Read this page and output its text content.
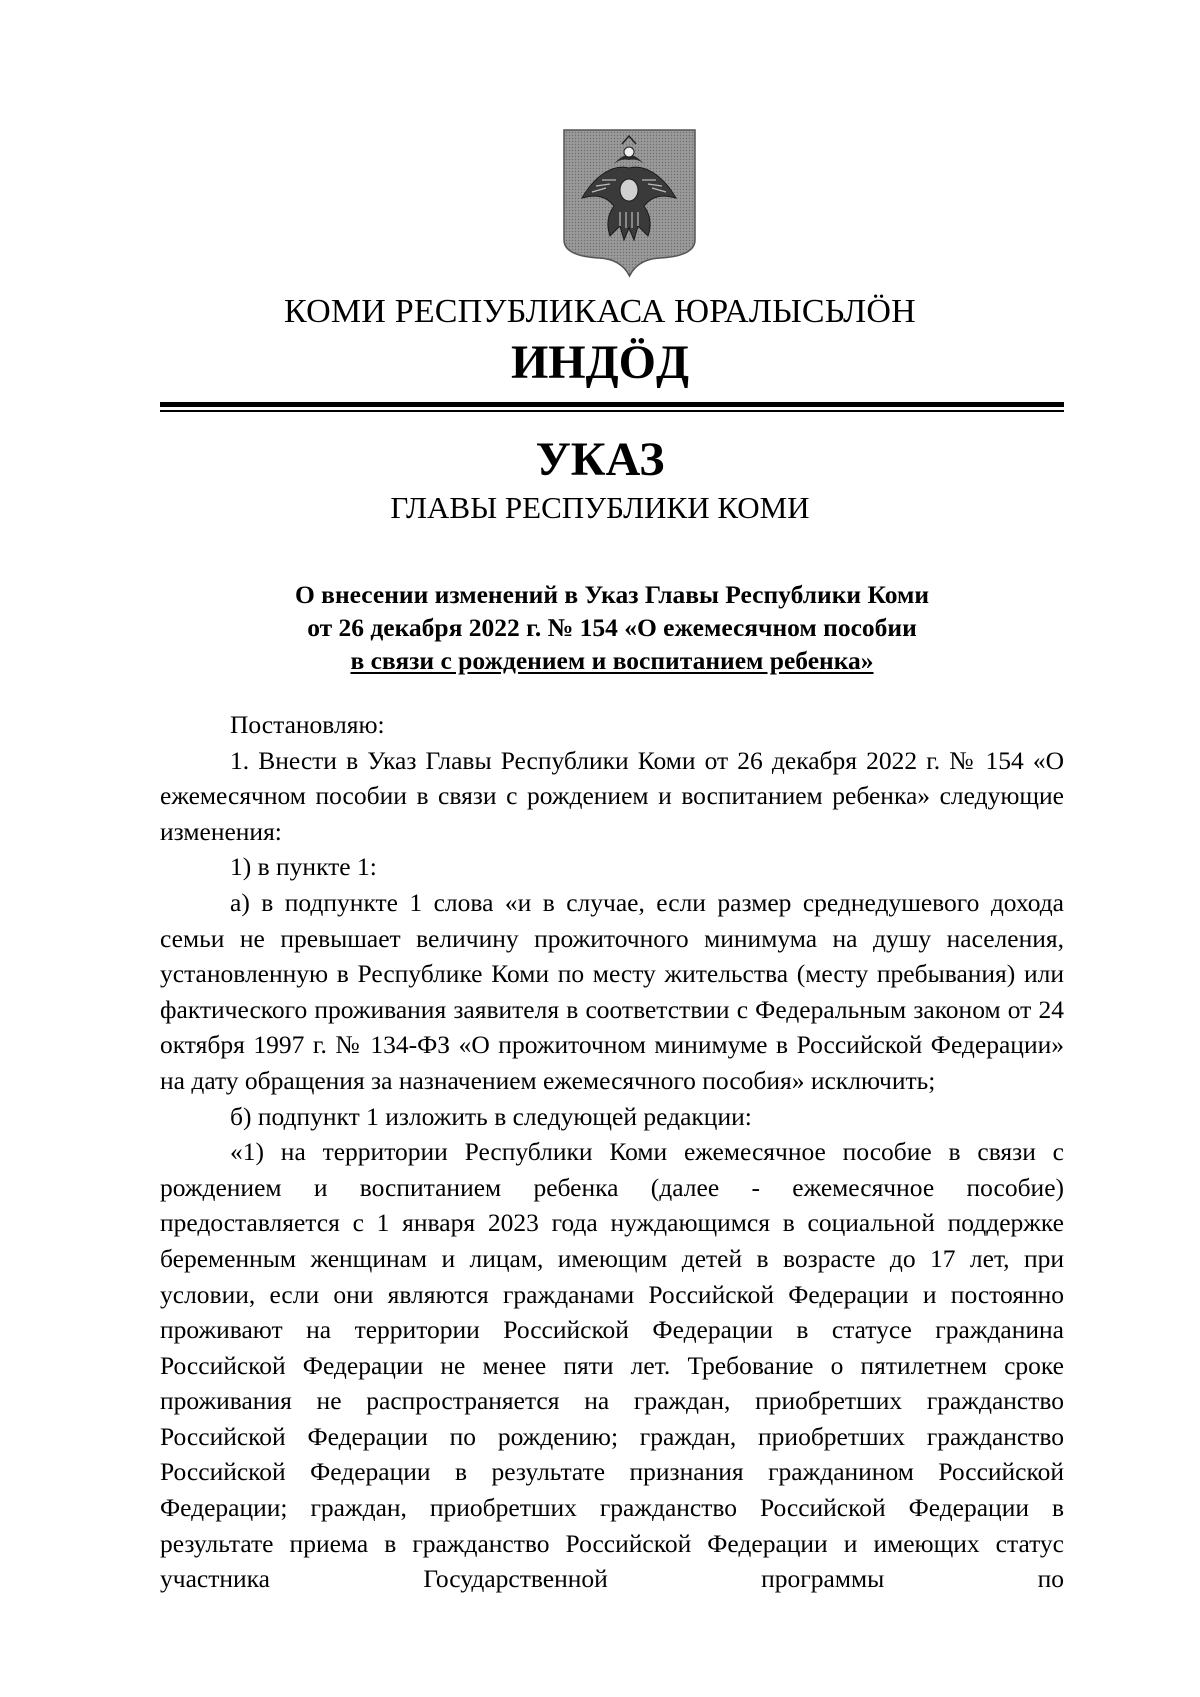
КОМИ РЕСПУБЛИКАСА ЮРАЛЫСЬЛӦН
ИНДӦД
УКАЗ
ГЛАВЫ РЕСПУБЛИКИ КОМИ
О внесении изменений в Указ Главы Республики Коми
от 26 декабря 2022 г. № 154 «О ежемесячном пособии
в связи с рождением и воспитанием ребенка»

Постановляю:

1. Внести в Указ Главы Республики Коми от 26 декабря 2022 г. № 154 «О ежемесячном пособии в связи с рождением и воспитанием ребенка» следующие изменения:

1) в пункте 1:

а) в подпункте 1 слова «и в случае, если размер среднедушевого дохода семьи не превышает величину прожиточного минимума на душу населения, установленную в Республике Коми по месту жительства (месту пребывания) или фактического проживания заявителя в соответствии с Федеральным законом от 24 октября 1997 г. № 134-ФЗ «О прожиточном минимуме в Российской Федерации» на дату обращения за назначением ежемесячного пособия» исключить;

б) подпункт 1 изложить в следующей редакции:

«1) на территории Республики Коми ежемесячное пособие в связи с рождением и воспитанием ребенка (далее - ежемесячное пособие) предоставляется с 1 января 2023 года нуждающимся в социальной поддержке беременным женщинам и лицам, имеющим детей в возрасте до 17 лет, при условии, если они являются гражданами Российской Федерации и постоянно проживают на территории Российской Федерации в статусе гражданина Российской Федерации не менее пяти лет. Требование о пятилетнем сроке проживания не распространяется на граждан, приобретших гражданство Российской Федерации по рождению; граждан, приобретших гражданство Российской Федерации в результате признания гражданином Российской Федерации; граждан, приобретших гражданство Российской Федерации в результате приема в гражданство Российской Федерации и имеющих статус участника Государственной программы по
